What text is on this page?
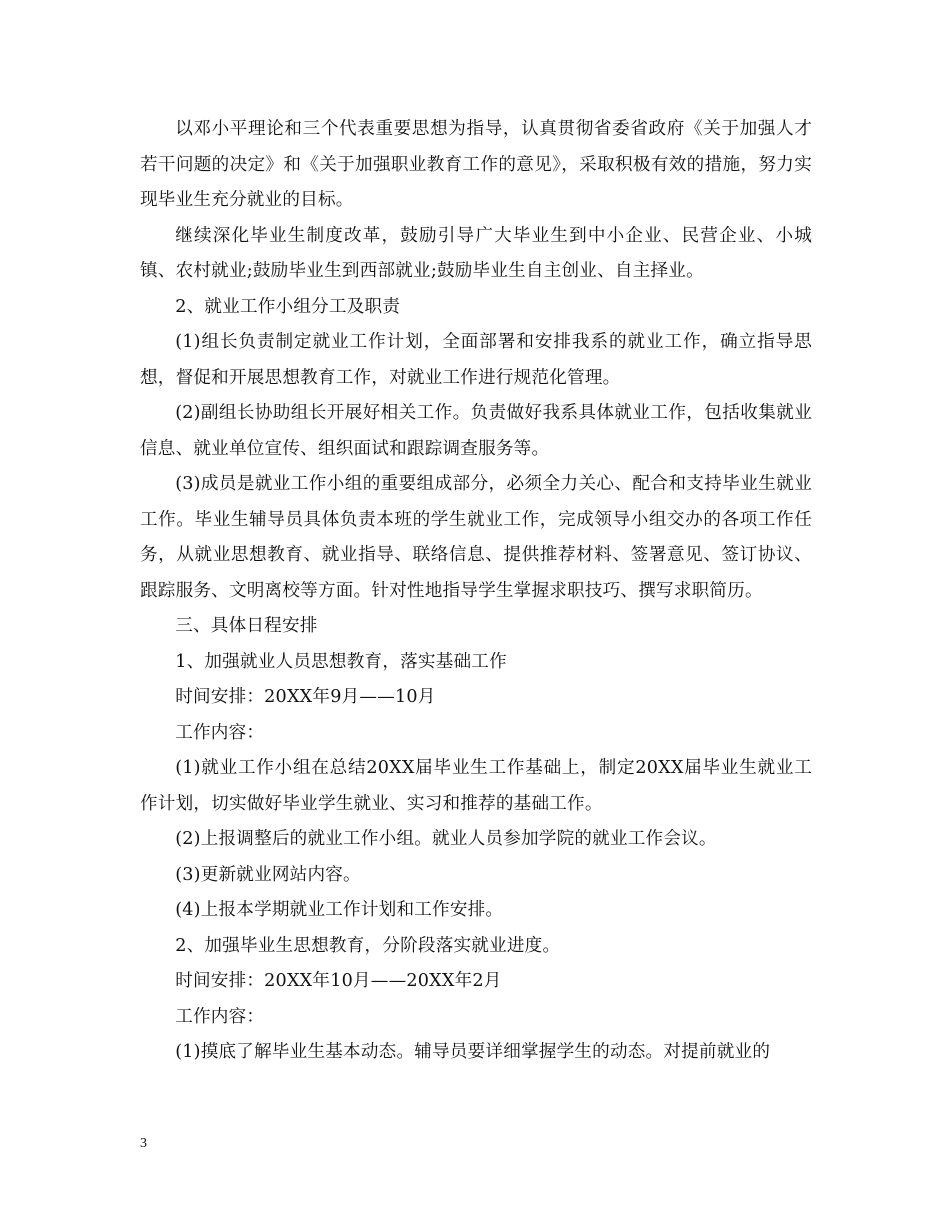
以邓小平理论和三个代表重要思想为指导，认真贯彻省委省政府《关于加强人才若干问题的决定》和《关于加强职业教育工作的意见》，采取积极有效的措施，努力实现毕业生充分就业的目标。

继续深化毕业生制度改革，鼓励引导广大毕业生到中小企业、民营企业、小城镇、农村就业;鼓励毕业生到西部就业;鼓励毕业生自主创业、自主择业。

2、就业工作小组分工及职责

(1)组长负责制定就业工作计划，全面部署和安排我系的就业工作，确立指导思想，督促和开展思想教育工作，对就业工作进行规范化管理。

(2)副组长协助组长开展好相关工作。负责做好我系具体就业工作，包括收集就业信息、就业单位宣传、组织面试和跟踪调查服务等。

(3)成员是就业工作小组的重要组成部分，必须全力关心、配合和支持毕业生就业工作。毕业生辅导员具体负责本班的学生就业工作，完成领导小组交办的各项工作任务，从就业思想教育、就业指导、联络信息、提供推荐材料、签署意见、签订协议、跟踪服务、文明离校等方面。针对性地指导学生掌握求职技巧、撰写求职简历。

三、具体日程安排

1、加强就业人员思想教育，落实基础工作

时间安排：20XX年9月——10月

工作内容：

(1)就业工作小组在总结20XX届毕业生工作基础上，制定20XX届毕业生就业工作计划，切实做好毕业学生就业、实习和推荐的基础工作。

(2)上报调整后的就业工作小组。就业人员参加学院的就业工作会议。

(3)更新就业网站内容。

(4)上报本学期就业工作计划和工作安排。

2、加强毕业生思想教育，分阶段落实就业进度。

时间安排：20XX年10月——20XX年2月

工作内容：

(1)摸底了解毕业生基本动态。辅导员要详细掌握学生的动态。对提前就业的

3
